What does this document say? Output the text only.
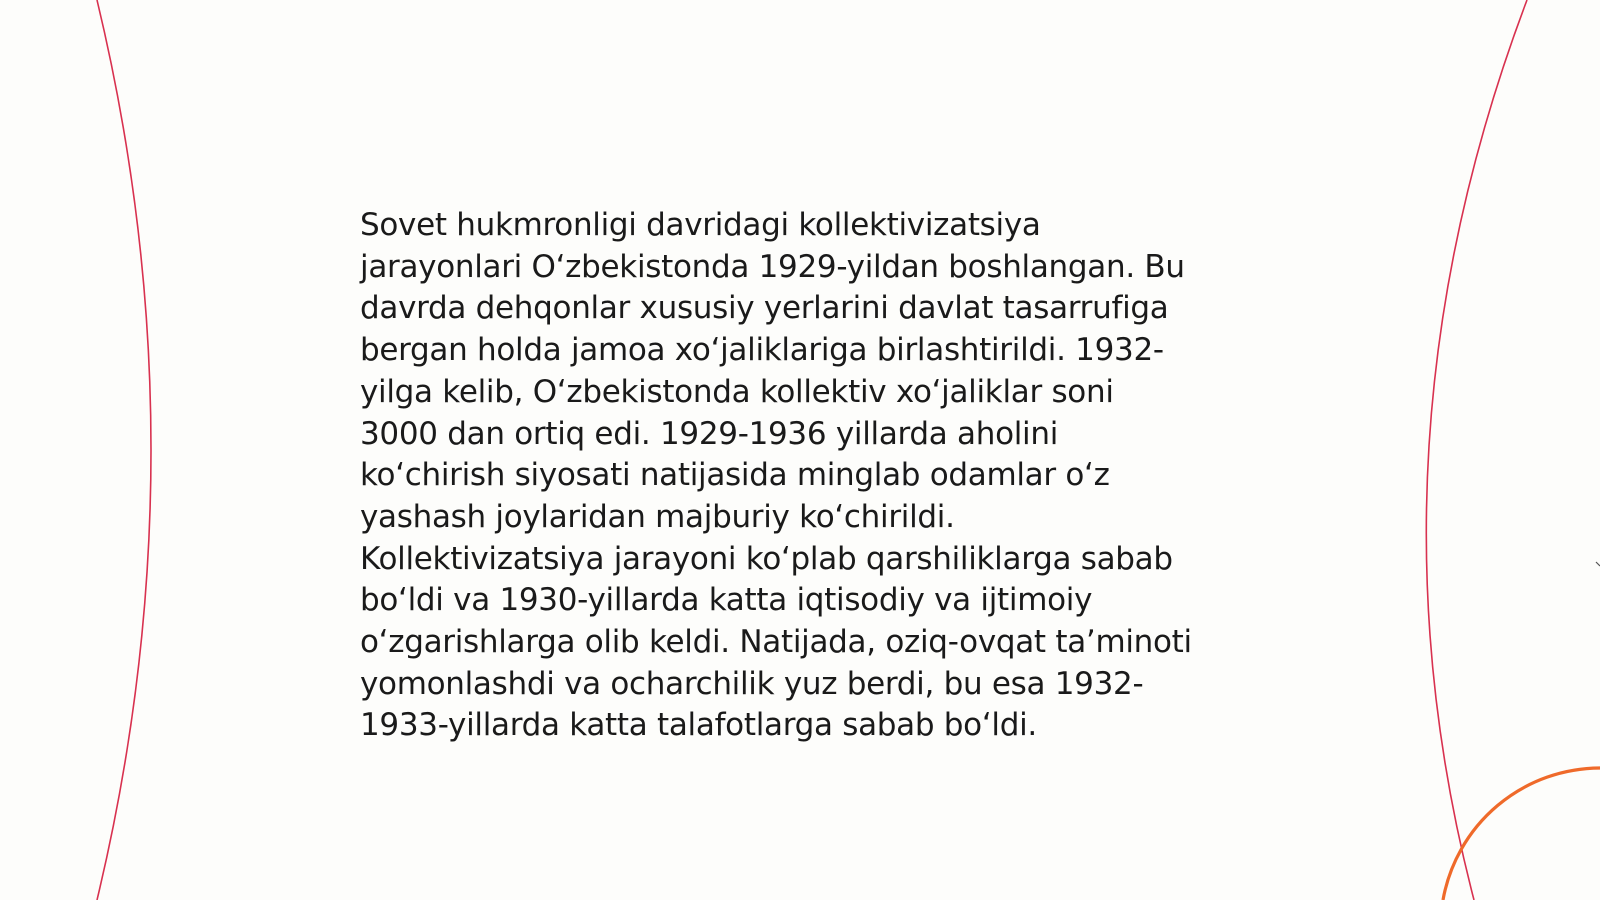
Sovet hukmronligi davridagi kollektivizatsiya
jarayonlari O‘zbekistonda 1929-yildan boshlangan. Bu
davrda dehqonlar xususiy yerlarini davlat tasarrufiga
bergan holda jamoa xo‘jaliklariga birlashtirildi. 1932-
yilga kelib, O‘zbekistonda kollektiv xo‘jaliklar soni
3000 dan ortiq edi. 1929-1936 yillarda aholini
ko‘chirish siyosati natijasida minglab odamlar o‘z
yashash joylaridan majburiy ko‘chirildi.
Kollektivizatsiya jarayoni ko‘plab qarshiliklarga sabab
bo‘ldi va 1930-yillarda katta iqtisodiy va ijtimoiy
o‘zgarishlarga olib keldi. Natijada, oziq-ovqat ta’minoti
yomonlashdi va ocharchilik yuz berdi, bu esa 1932-
1933-yillarda katta talafotlarga sabab bo‘ldi.
